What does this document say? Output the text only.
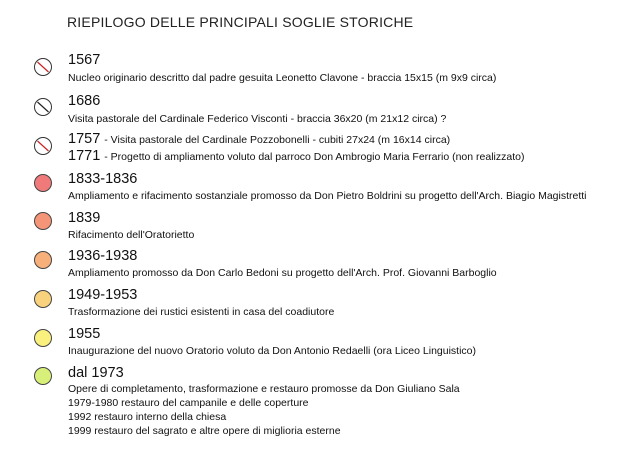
RIEPILOGO DELLE PRINCIPALI SOGLIE STORICHE
1567
Nucleo originario descritto dal padre gesuita Leonetto Clavone - braccia 15x15 (m 9x9 circa)
1686
Visita pastorale del Cardinale Federico Visconti - braccia 36x20 (m 21x12 circa) ?
1757 - Visita pastorale del Cardinale Pozzobonelli - cubiti 27x24 (m 16x14 circa)
1771 - Progetto di ampliamento voluto dal parroco Don Ambrogio Maria Ferrario (non realizzato)
1833-1836
Ampliamento e rifacimento sostanziale promosso da Don Pietro Boldrini su progetto dell'Arch. Biagio Magistretti
1839
Rifacimento dell'Oratorietto
1936-1938
Ampliamento promosso da Don Carlo Bedoni su progetto dell'Arch. Prof. Giovanni Barboglio
1949-1953
Trasformazione dei rustici esistenti in casa del coadiutore
1955
Inaugurazione del nuovo Oratorio voluto da Don Antonio Redaelli (ora Liceo Linguistico)
dal 1973
Opere di completamento, trasformazione e restauro promosse da Don Giuliano Sala
1979-1980 restauro del campanile e delle coperture
1992 restauro interno della chiesa
1999 restauro del sagrato e altre opere di miglioria esterne
